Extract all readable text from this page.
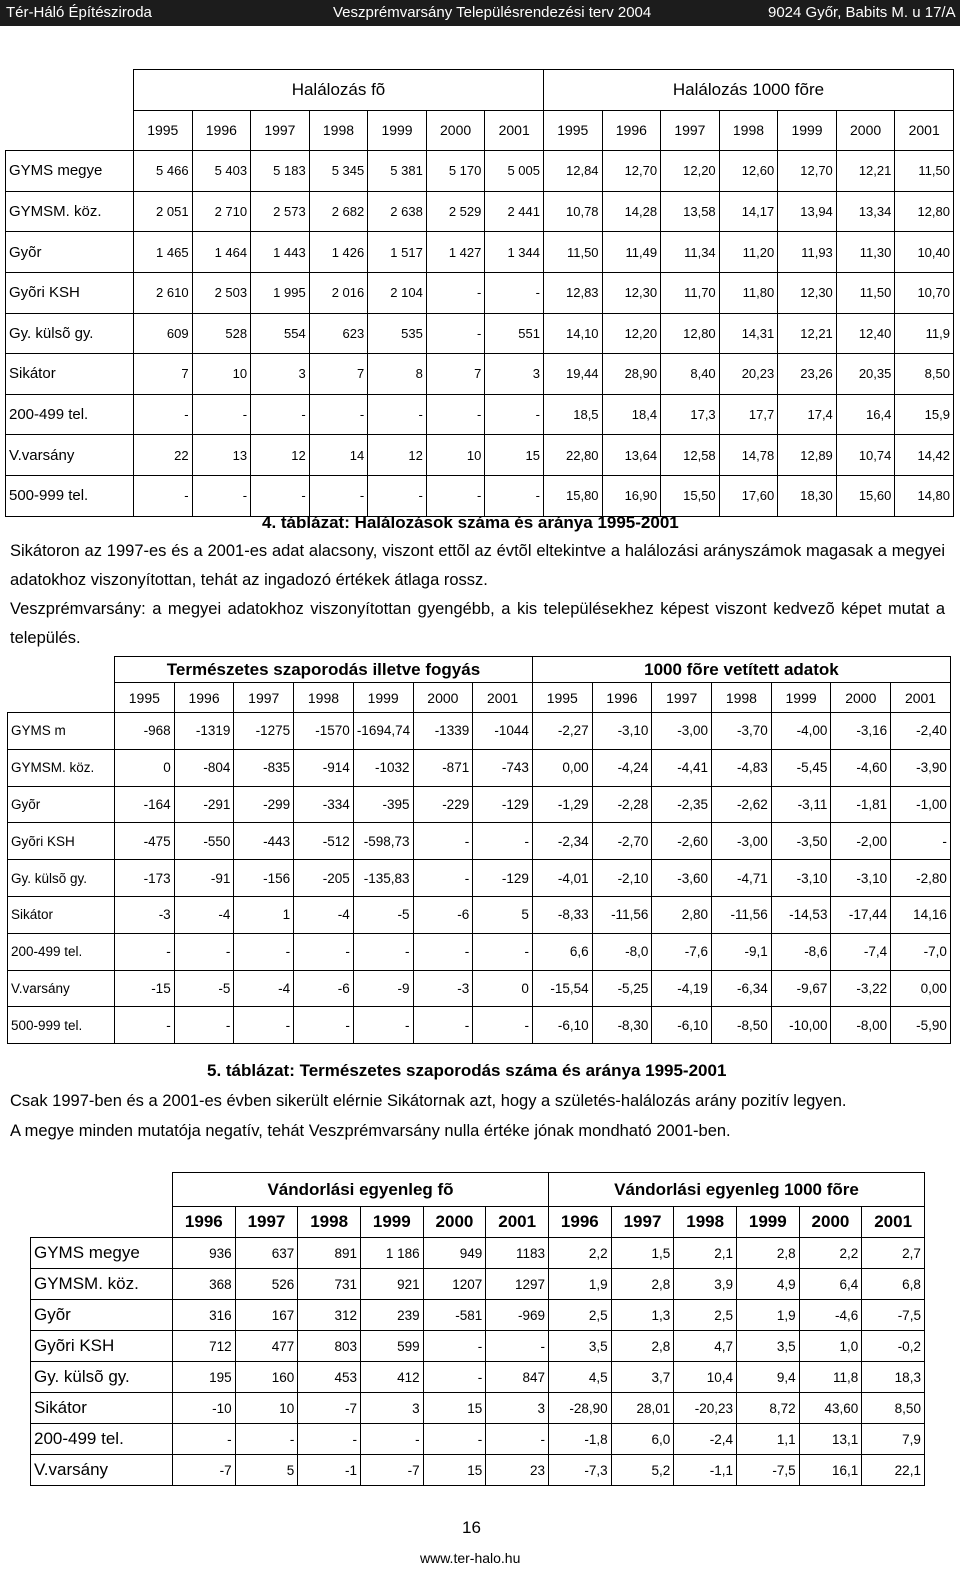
Tér-Háló Építésziroda	Veszprémvarsány Településrendezési terv 2004	9024 Győr, Babits M. u 17/A
	Halálozás fõ							Halálozás 1000 fõre						
	1995	1996	1997	1998	1999	2000	2001	1995	1996	1997	1998	1999	2000	2001
GYMS megye	5 466	5 403	5 183	5 345	5 381	5 170	5 005	12,84	12,70	12,20	12,60	12,70	12,21	11,50
GYMSM. köz.	2 051	2 710	2 573	2 682	2 638	2 529	2 441	10,78	14,28	13,58	14,17	13,94	13,34	12,80
Gyõr	1 465	1 464	1 443	1 426	1 517	1 427	1 344	11,50	11,49	11,34	11,20	11,93	11,30	10,40
Gyõri KSH	2 610	2 503	1 995	2 016	2 104	-	-	12,83	12,30	11,70	11,80	12,30	11,50	10,70
Gy. külsõ gy.	609	528	554	623	535	-	551	14,10	12,20	12,80	14,31	12,21	12,40	11,9
Sikátor	7	10	3	7	8	7	3	19,44	28,90	8,40	20,23	23,26	20,35	8,50
200-499 tel.	-	-	-	-	-	-	-	18,5	18,4	17,3	17,7	17,4	16,4	15,9
V.varsány	22	13	12	14	12	10	15	22,80	13,64	12,58	14,78	12,89	10,74	14,42
500-999 tel.	-	-	-	-	-	-	-	15,80	16,90	15,50	17,60	18,30	15,60	14,80
4. táblázat: Halálozások száma és aránya 1995-2001
Sikátoron az 1997-es és a 2001-es adat alacsony, viszont ettõl az évtõl eltekintve a halálozási arányszámok magasak a megyei adatokhoz viszonyítottan, tehát az ingadozó értékek átlaga rossz.
Veszprémvarsány: a megyei adatokhoz viszonyítottan gyengébb, a kis településekhez képest viszont kedvezõ képet mutat a település.
	Természetes szaporodás illetve fogyás							1000 fõre vetített adatok						
	1995	1996	1997	1998	1999	2000	2001	1995	1996	1997	1998	1999	2000	2001
GYMS m	-968	-1319	-1275	-1570	-1694,74	-1339	-1044	-2,27	-3,10	-3,00	-3,70	-4,00	-3,16	-2,40
GYMSM. köz.	0	-804	-835	-914	-1032	-871	-743	0,00	-4,24	-4,41	-4,83	-5,45	-4,60	-3,90
Gyõr	-164	-291	-299	-334	-395	-229	-129	-1,29	-2,28	-2,35	-2,62	-3,11	-1,81	-1,00
Gyõri KSH	-475	-550	-443	-512	-598,73	-	-	-2,34	-2,70	-2,60	-3,00	-3,50	-2,00	-
Gy. külsõ gy.	-173	-91	-156	-205	-135,83	-	-129	-4,01	-2,10	-3,60	-4,71	-3,10	-3,10	-2,80
Sikátor	-3	-4	1	-4	-5	-6	5	-8,33	-11,56	2,80	-11,56	-14,53	-17,44	14,16
200-499 tel.	-	-	-	-	-	-	-	6,6	-8,0	-7,6	-9,1	-8,6	-7,4	-7,0
V.varsány	-15	-5	-4	-6	-9	-3	0	-15,54	-5,25	-4,19	-6,34	-9,67	-3,22	0,00
500-999 tel.	-	-	-	-	-	-	-	-6,10	-8,30	-6,10	-8,50	-10,00	-8,00	-5,90
5. táblázat: Természetes szaporodás száma és aránya 1995-2001
Csak 1997-ben és a 2001-es évben sikerült elérnie Sikátornak azt, hogy a születés-halálozás arány pozitív legyen.
A megye minden mutatója negatív, tehát Veszprémvarsány nulla értéke jónak mondható 2001-ben.
	Vándorlási egyenleg fõ						Vándorlási egyenleg 1000 fõre					
	1996	1997	1998	1999	2000	2001	1996	1997	1998	1999	2000	2001
GYMS megye	936	637	891	1 186	949	1183	2,2	1,5	2,1	2,8	2,2	2,7
GYMSM. köz.	368	526	731	921	1207	1297	1,9	2,8	3,9	4,9	6,4	6,8
Gyõr	316	167	312	239	-581	-969	2,5	1,3	2,5	1,9	-4,6	-7,5
Gyõri KSH	712	477	803	599	-	-	3,5	2,8	4,7	3,5	1,0	-0,2
Gy. külsõ gy.	195	160	453	412	-	847	4,5	3,7	10,4	9,4	11,8	18,3
Sikátor	-10	10	-7	3	15	3	-28,90	28,01	-20,23	8,72	43,60	8,50
200-499 tel.	-	-	-	-	-	-	-1,8	6,0	-2,4	1,1	13,1	7,9
V.varsány	-7	5	-1	-7	15	23	-7,3	5,2	-1,1	-7,5	16,1	22,1
16
www.ter-halo.hu
